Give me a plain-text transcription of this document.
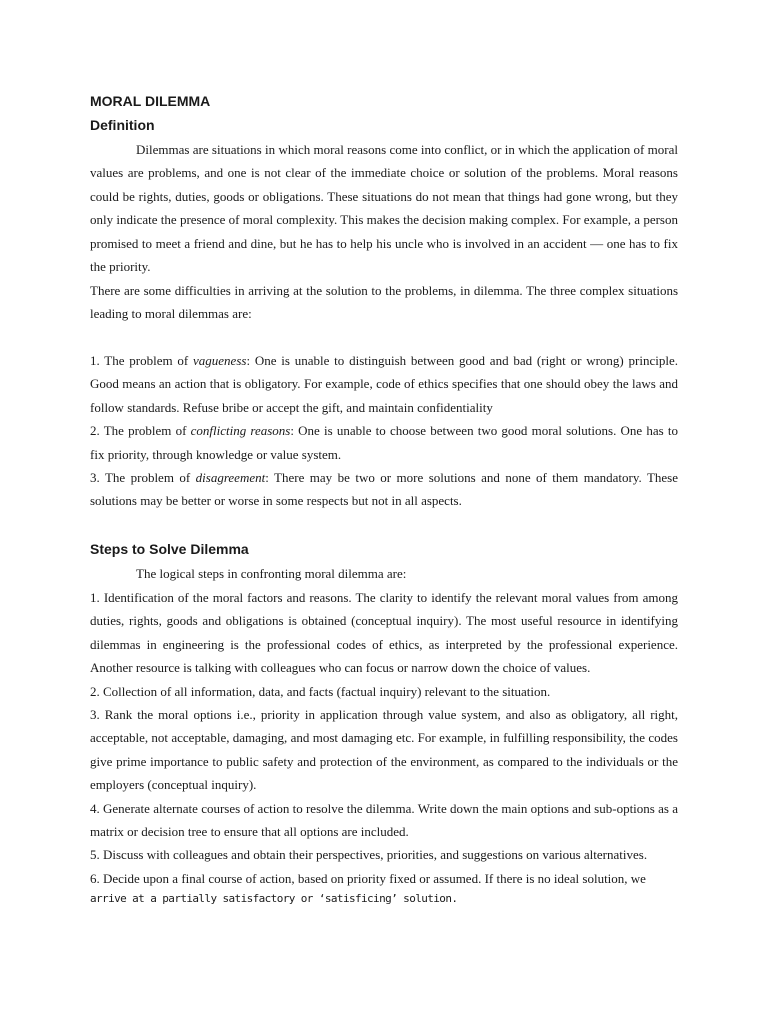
MORAL DILEMMA
Definition

Dilemmas are situations in which moral reasons come into conflict, or in which the application of moral values are problems, and one is not clear of the immediate choice or solution of the problems. Moral reasons could be rights, duties, goods or obligations. These situations do not mean that things had gone wrong, but they only indicate the presence of moral complexity. This makes the decision making complex. For example, a person promised to meet a friend and dine, but he has to help his uncle who is involved in an accident — one has to fix the priority.

There are some difficulties in arriving at the solution to the problems, in dilemma. The three complex situations leading to moral dilemmas are:

1. The problem of vagueness: One is unable to distinguish between good and bad (right or wrong) principle. Good means an action that is obligatory. For example, code of ethics specifies that one should obey the laws and follow standards. Refuse bribe or accept the gift, and maintain confidentiality
2. The problem of conflicting reasons: One is unable to choose between two good moral solutions. One has to fix priority, through knowledge or value system.
3. The problem of disagreement: There may be two or more solutions and none of them mandatory. These solutions may be better or worse in some respects but not in all aspects.
Steps to Solve Dilemma

The logical steps in confronting moral dilemma are:

1. Identification of the moral factors and reasons. The clarity to identify the relevant moral values from among duties, rights, goods and obligations is obtained (conceptual inquiry). The most useful resource in identifying dilemmas in engineering is the professional codes of ethics, as interpreted by the professional experience. Another resource is talking with colleagues who can focus or narrow down the choice of values.
2. Collection of all information, data, and facts (factual inquiry) relevant to the situation.
3. Rank the moral options i.e., priority in application through value system, and also as obligatory, all right, acceptable, not acceptable, damaging, and most damaging etc. For example, in fulfilling responsibility, the codes give prime importance to public safety and protection of the environment, as compared to the individuals or the employers (conceptual inquiry).
4. Generate alternate courses of action to resolve the dilemma. Write down the main options and sub-options as a matrix or decision tree to ensure that all options are included.
5. Discuss with colleagues and obtain their perspectives, priorities, and suggestions on various alternatives.
6. Decide upon a final course of action, based on priority fixed or assumed. If there is no ideal solution, we
arrive at a partially satisfactory or ‘satisficing’ solution.
